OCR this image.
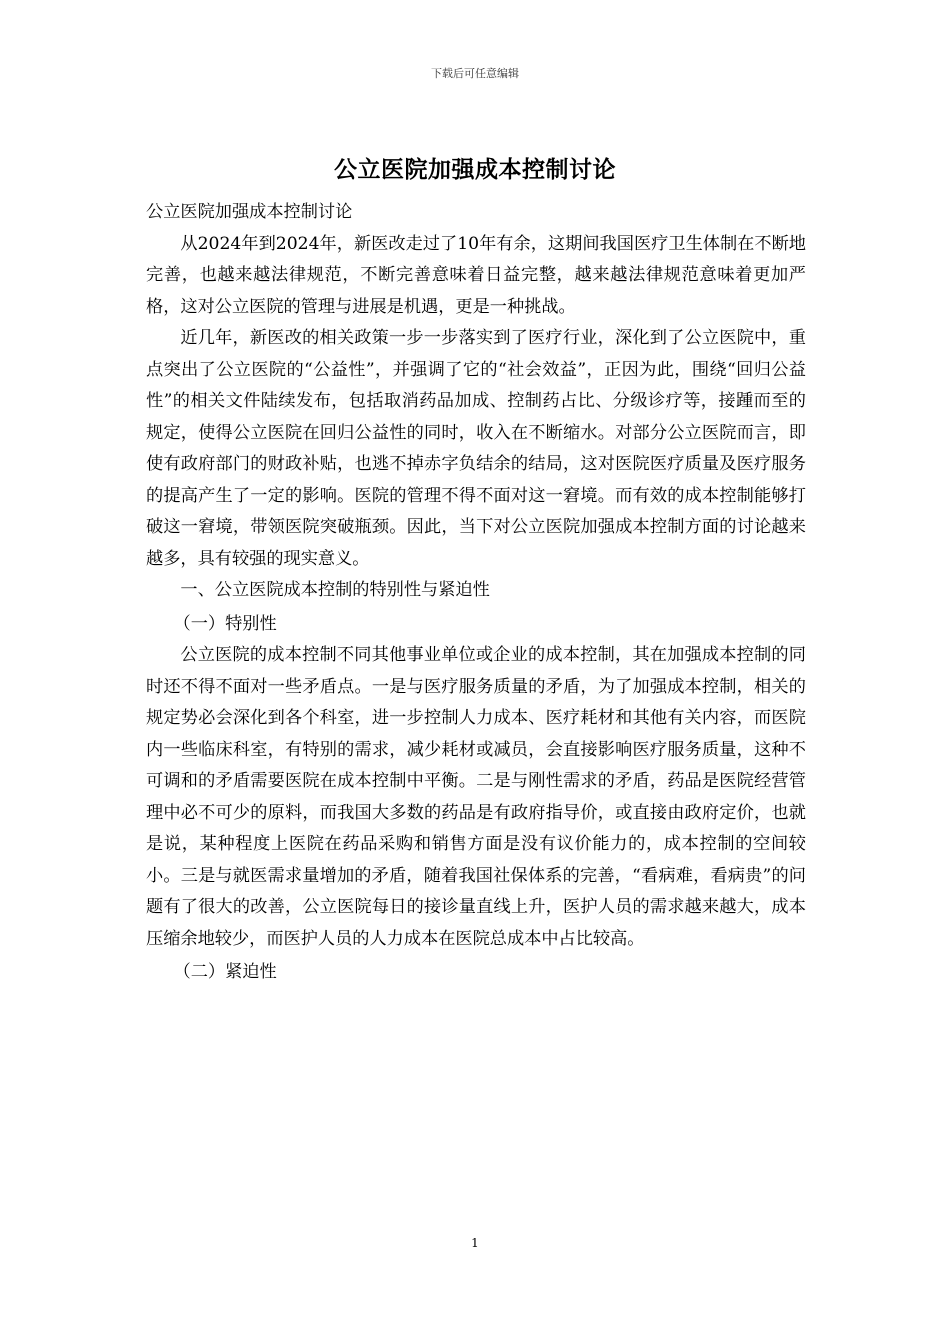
下载后可任意编辑
公立医院加强成本控制讨论

公立医院加强成本控制讨论

从2024年到2024年，新医改走过了10年有余，这期间我国医疗卫生体制在不断地完善，也越来越法律规范，不断完善意味着日益完整，越来越法律规范意味着更加严格，这对公立医院的管理与进展是机遇，更是一种挑战。

近几年，新医改的相关政策一步一步落实到了医疗行业，深化到了公立医院中，重点突出了公立医院的“公益性”，并强调了它的“社会效益”，正因为此，围绕“回归公益性”的相关文件陆续发布，包括取消药品加成、控制药占比、分级诊疗等，接踵而至的规定，使得公立医院在回归公益性的同时，收入在不断缩水。对部分公立医院而言，即使有政府部门的财政补贴，也逃不掉赤字负结余的结局，这对医院医疗质量及医疗服务的提高产生了一定的影响。医院的管理不得不面对这一窘境。而有效的成本控制能够打破这一窘境，带领医院突破瓶颈。因此，当下对公立医院加强成本控制方面的讨论越来越多，具有较强的现实意义。

一、公立医院成本控制的特别性与紧迫性

（一）特别性

公立医院的成本控制不同其他事业单位或企业的成本控制，其在加强成本控制的同时还不得不面对一些矛盾点。一是与医疗服务质量的矛盾，为了加强成本控制，相关的规定势必会深化到各个科室，进一步控制人力成本、医疗耗材和其他有关内容，而医院内一些临床科室，有特别的需求，减少耗材或减员，会直接影响医疗服务质量，这种不可调和的矛盾需要医院在成本控制中平衡。二是与刚性需求的矛盾，药品是医院经营管理中必不可少的原料，而我国大多数的药品是有政府指导价，或直接由政府定价，也就是说，某种程度上医院在药品采购和销售方面是没有议价能力的，成本控制的空间较小。三是与就医需求量增加的矛盾，随着我国社保体系的完善，“看病难，看病贵”的问题有了很大的改善，公立医院每日的接诊量直线上升，医护人员的需求越来越大，成本压缩余地较少，而医护人员的人力成本在医院总成本中占比较高。

（二）紧迫性

1
